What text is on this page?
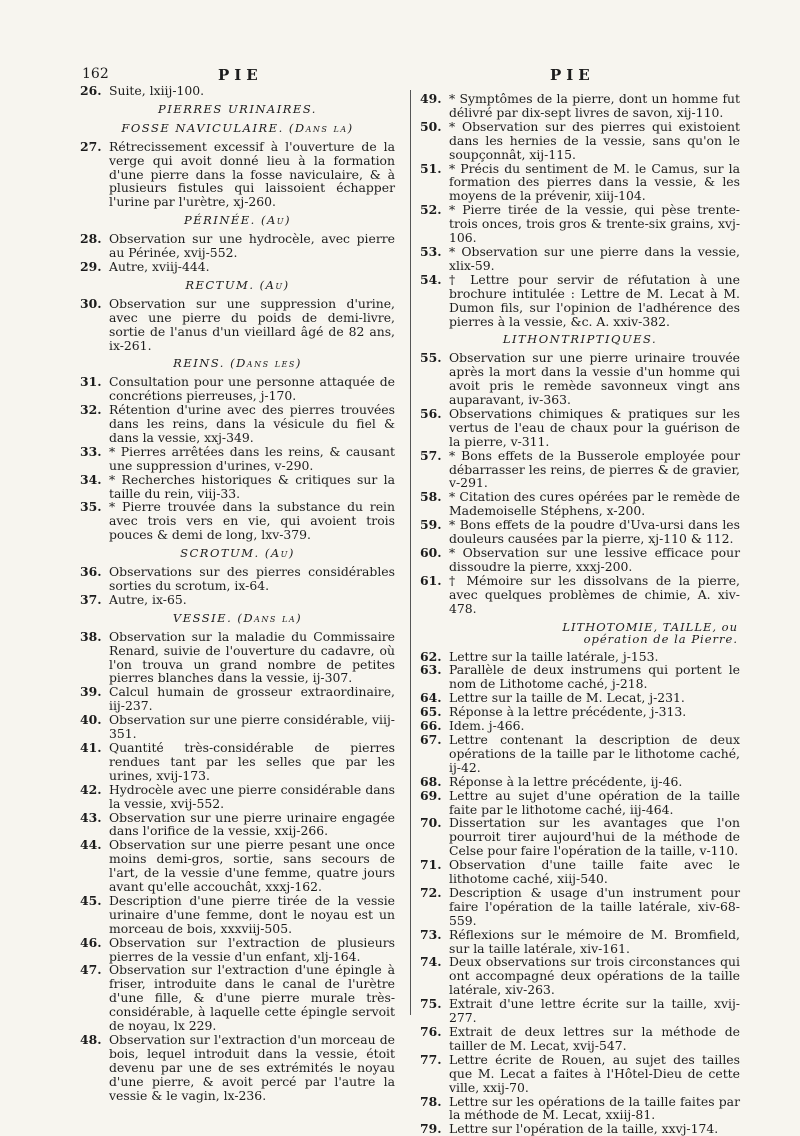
162	PIE	PIE
26. Suite, lxiij-100.
PIERRES URINAIRES.
FOSSE NAVICULAIRE. (Dans la)
27. Rétrecissement excessif à l'ouverture de la verge qui avoit donné lieu à la formation d'une pierre dans la fosse naviculaire, & à plusieurs fistules qui laissoient échapper l'urine par l'urètre, xj-260.
PÉRINÉE. (Au)
28. Observation sur une hydrocèle, avec pierre au Périnée, xvij-552.
29. Autre, xviij-444.
RECTUM. (Au)
30. Observation sur une suppression d'urine, avec une pierre du poids de demi-livre, sortie de l'anus d'un vieillard âgé de 82 ans, ix-261.
REINS. (Dans les)
31. Consultation pour une personne attaquée de concrétions pierreuses, j-170.
32. Rétention d'urine avec des pierres trouvées dans les reins, dans la vésicule du fiel & dans la vessie, xxj-349.
33. * Pierres arrêtées dans les reins, & causant une suppression d'urines, v-290.
34. * Recherches historiques & critiques sur la taille du rein, viij-33.
35. * Pierre trouvée dans la substance du rein avec trois vers en vie, qui avoient trois pouces & demi de long, lxv-379.
SCROTUM. (Au)
36. Observations sur des pierres considérables sorties du scrotum, ix-64.
37. Autre, ix-65.
VESSIE. (Dans la)
38. Observation sur la maladie du Commissaire Renard, suivie de l'ouverture du cadavre, où l'on trouva un grand nombre de petites pierres blanches dans la vessie, ij-307.
39. Calcul humain de grosseur extraordinaire, iij-237.
40. Observation sur une pierre considérable, viij-351.
41. Quantité très-considérable de pierres rendues tant par les selles que par les urines, xvij-173.
42. Hydrocèle avec une pierre considérable dans la vessie, xvij-552.
43. Observation sur une pierre urinaire engagée dans l'orifice de la vessie, xxij-266.
44. Observation sur une pierre pesant une once moins demi-gros, sortie, sans secours de l'art, de la vessie d'une femme, quatre jours avant qu'elle accouchât, xxxj-162.
45. Description d'une pierre tirée de la vessie urinaire d'une femme, dont le noyau est un morceau de bois, xxxviij-505.
46. Observation sur l'extraction de plusieurs pierres de la vessie d'un enfant, xlj-164.
47. Observation sur l'extraction d'une épingle à friser, introduite dans le canal de l'urètre d'une fille, & d'une pierre murale très-considérable, à laquelle cette épingle servoit de noyau, lx 229.
48. Observation sur l'extraction d'un morceau de bois, lequel introduit dans la vessie, étoit devenu par une de ses extrémités le noyau d'une pierre, & avoit percé par l'autre la vessie & le vagin, lx-236.
49. * Symptômes de la pierre, dont un homme fut délivré par dix-sept livres de savon, xij-110.
50. * Observation sur des pierres qui existoient dans les hernies de la vessie, sans qu'on le soupçonnât, xij-115.
51. * Précis du sentiment de M. le Camus, sur la formation des pierres dans la vessie, & les moyens de la prévenir, xiij-104.
52. * Pierre tirée de la vessie, qui pèse trente-trois onces, trois gros & trente-six grains, xvj-106.
53. * Observation sur une pierre dans la vessie, xlix-59.
54. † Lettre pour servir de réfutation à une brochure intitulée : Lettre de M. Lecat à M. Dumon fils, sur l'opinion de l'adhérence des pierres à la vessie, &c. A. xxiv-382.
LITHONTRIPTIQUES.
55. Observation sur une pierre urinaire trouvée après la mort dans la vessie d'un homme qui avoit pris le remède savonneux vingt ans auparavant, iv-363.
56. Observations chimiques & pratiques sur les vertus de l'eau de chaux pour la guérison de la pierre, v-311.
57. * Bons effets de la Busserole employée pour débarrasser les reins, de pierres & de gravier, v-291.
58. * Citation des cures opérées par le remède de Mademoiselle Stéphens, x-200.
59. * Bons effets de la poudre d'Uva-ursi dans les douleurs causées par la pierre, xj-110 & 112.
60. * Observation sur une lessive efficace pour dissoudre la pierre, xxxj-200.
61. † Mémoire sur les dissolvans de la pierre, avec quelques problèmes de chimie, A. xiv-478.
LITHOTOMIE, TAILLE, ou
opération de la Pierre.
62. Lettre sur la taille latérale, j-153.
63. Parallèle de deux instrumens qui portent le nom de Lithotome caché, j-218.
64. Lettre sur la taille de M. Lecat, j-231.
65. Réponse à la lettre précédente, j-313.
66. Idem. j-466.
67. Lettre contenant la description de deux opérations de la taille par le lithotome caché, ij-42.
68. Réponse à la lettre précédente, ij-46.
69. Lettre au sujet d'une opération de la taille faite par le lithotome caché, iij-464.
70. Dissertation sur les avantages que l'on pourroit tirer aujourd'hui de la méthode de Celse pour faire l'opération de la taille, v-110.
71. Observation d'une taille faite avec le lithotome caché, xiij-540.
72. Description & usage d'un instrument pour faire l'opération de la taille latérale, xiv-68-559.
73. Réflexions sur le mémoire de M. Bromfield, sur la taille latérale, xiv-161.
74. Deux observations sur trois circonstances qui ont accompagné deux opérations de la taille latérale, xiv-263.
75. Extrait d'une lettre écrite sur la taille, xvij-277.
76. Extrait de deux lettres sur la méthode de tailler de M. Lecat, xvij-547.
77. Lettre écrite de Rouen, au sujet des tailles que M. Lecat a faites à l'Hôtel-Dieu de cette ville, xxij-70.
78. Lettre sur les opérations de la taille faites par la méthode de M. Lecat, xxiij-81.
79. Lettre sur l'opération de la taille, xxvj-174.
